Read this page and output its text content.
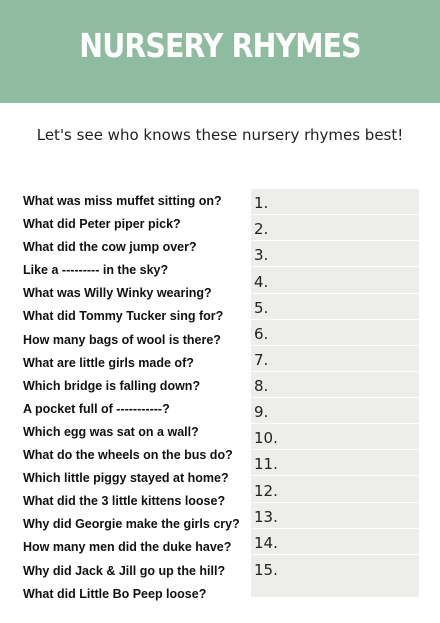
NURSERY RHYMES
Let's see who knows these nursery rhymes best!
What was miss muffet sitting on?
What did Peter piper pick?
What did the cow jump over?
Like a --------- in the sky?
What was Willy Winky wearing?
What did Tommy Tucker sing for?
How many bags of wool is there?
What are little girls made of?
Which bridge is falling down?
A pocket full of -----------?
Which egg was sat on a wall?
What do the wheels on the bus do?
Which little piggy stayed at home?
What did the 3 little kittens loose?
Why did Georgie make the girls cry?
How many men did the duke have?
Why did Jack & Jill go up the hill?
What did Little Bo Peep loose?
1.
2.
3.
4.
5.
6.
7.
8.
9.
10.
11.
12.
13.
14.
15.
